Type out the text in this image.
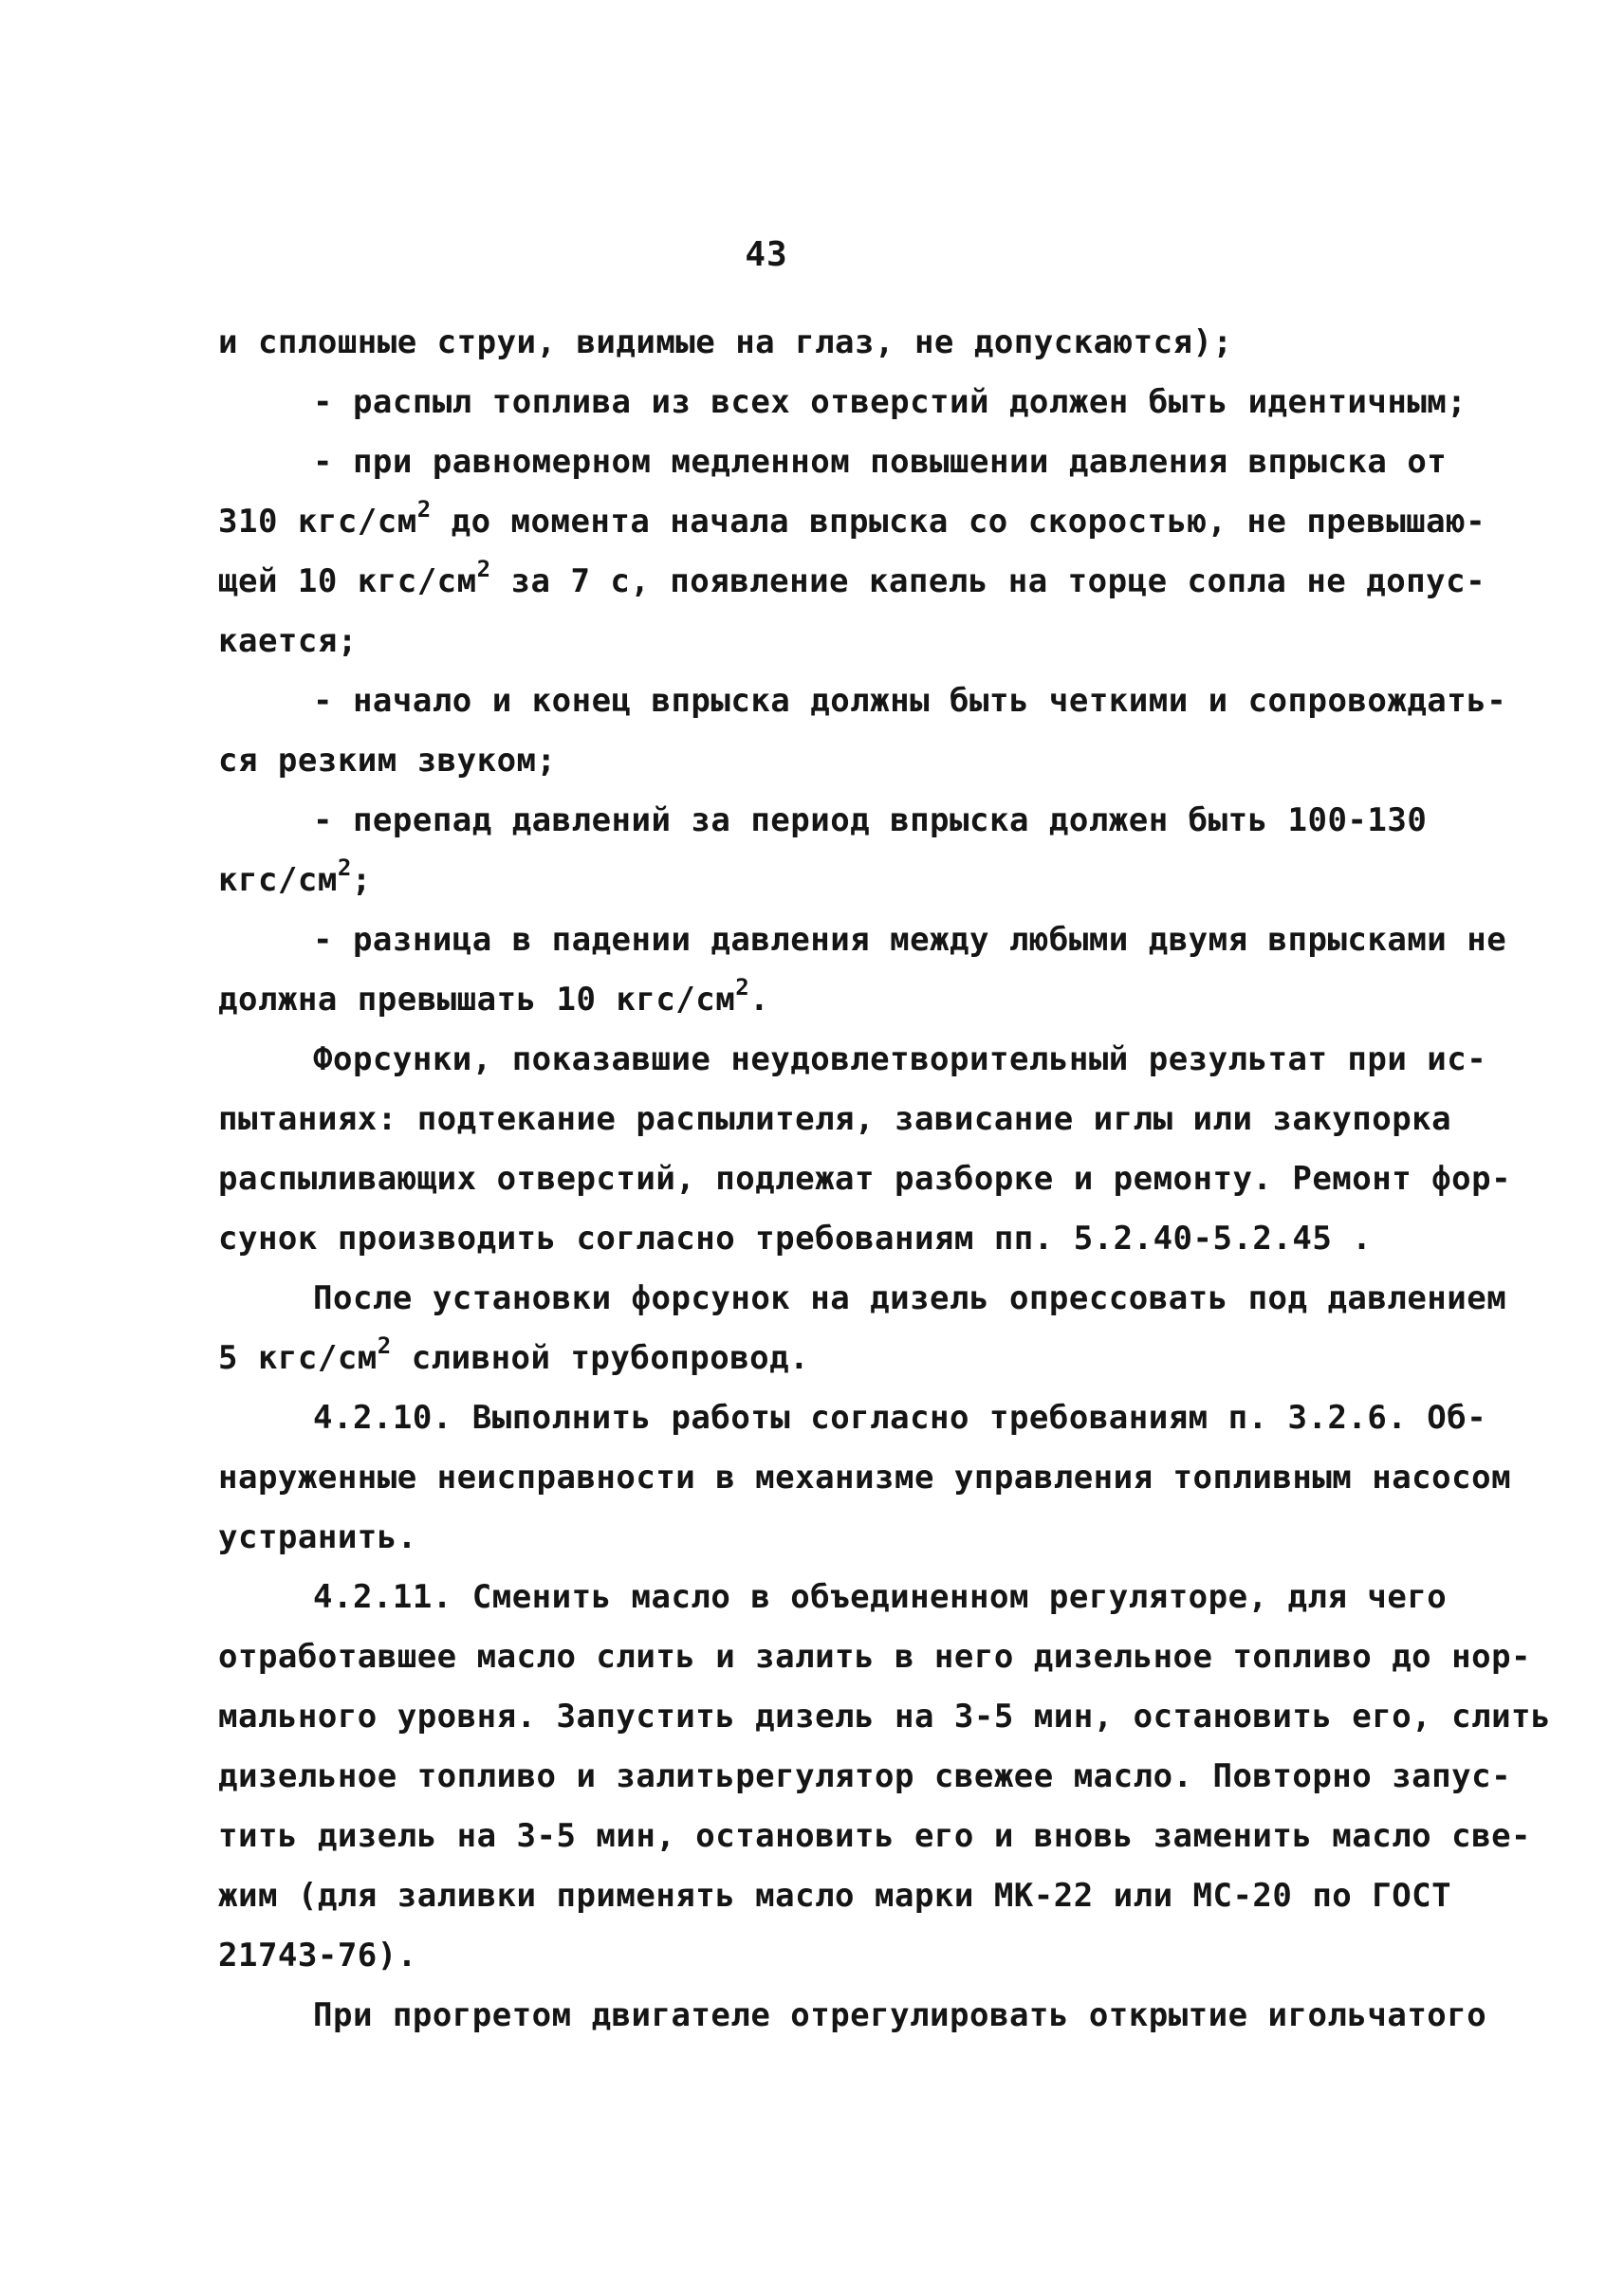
43
и сплошные струи, видимые на глаз, не допускаются);
- распыл топлива из всех отверстий должен быть идентичным;
- при равномерном медленном повышении давления впрыска от
310 кгс/$см^2$ до момента начала впрыска со скоростью, не превышаю-
щей 10 кгс/$см^2$ за 7 с, появление капель на торце сопла не допус-
кается;
- начало и конец впрыска должны быть четкими и сопровождать-
ся резким звуком;
- перепад давлений за период впрыска должен быть 100-130
кгс/$см^2$;
- разница в падении давления между любыми двумя впрысками не
должна превышать 10 кгс/$см^2$.
Форсунки, показавшие неудовлетворительный результат при ис-
пытаниях: подтекание распылителя, зависание иглы или закупорка
распыливающих отверстий, подлежат разборке и ремонту. Ремонт фор-
сунок производить согласно требованиям пп. 5.2.40-5.2.45 .
После установки форсунок на дизель опрессовать под давлением
5 кгс/$см^2$ сливной трубопровод.
4.2.10. Выполнить работы согласно требованиям п. 3.2.6. Об-
наруженные неисправности в механизме управления топливным насосом
устранить.
4.2.11. Сменить масло в объединенном регуляторе, для чего
отработавшее масло слить и залить в него дизельное топливо до нор-
мального уровня. Запустить дизель на 3-5 мин, остановить его, слить
дизельное топливо и залитьрегулятор свежее масло. Повторно запус-
тить дизель на 3-5 мин, остановить его и вновь заменить масло све-
жим (для заливки применять масло марки МК-22 или МС-20 по ГОСТ
21743-76).
При прогретом двигателе отрегулировать открытие игольчатого
